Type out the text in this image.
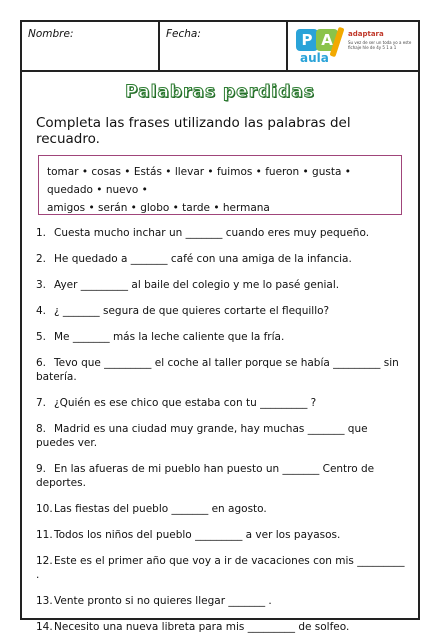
Nombre:	Fecha:	P A
aula
adaptara
Su vez de ser un toda yo a este fichaje hle de 4y 5 1 a 1
Palabras perdidas
Completa las frases utilizando las palabras del recuadro.
tomar • cosas • Estás • llevar • fuimos • fueron • gusta • quedado • nuevo •
amigos • serán • globo • tarde • hermana
1. Cuesta mucho inchar un _______ cuando eres muy pequeño.
2. He quedado a _______ café con una amiga de la infancia.
3. Ayer _________ al baile del colegio y me lo pasé genial.
4. ¿ _______ segura de que quieres cortarte el flequillo?
5. Me _______ más la leche caliente que la fría.
6. Tevo que _________ el coche al taller porque se había _________ sin batería.
7. ¿Quién es ese chico que estaba con tu _________ ?
8. Madrid es una ciudad muy grande, hay muchas _______ que puedes ver.
9. En las afueras de mi pueblo han puesto un _______ Centro de deportes.
10.Las fiestas del pueblo _______ en agosto.
11.Todos los niños del pueblo _________ a ver los payasos.
12.Este es el primer año que voy a ir de vacaciones con mis _________ .
13.Vente pronto si no quieres llegar _______ .
14.Necesito una nueva libreta para mis _________ de solfeo.
